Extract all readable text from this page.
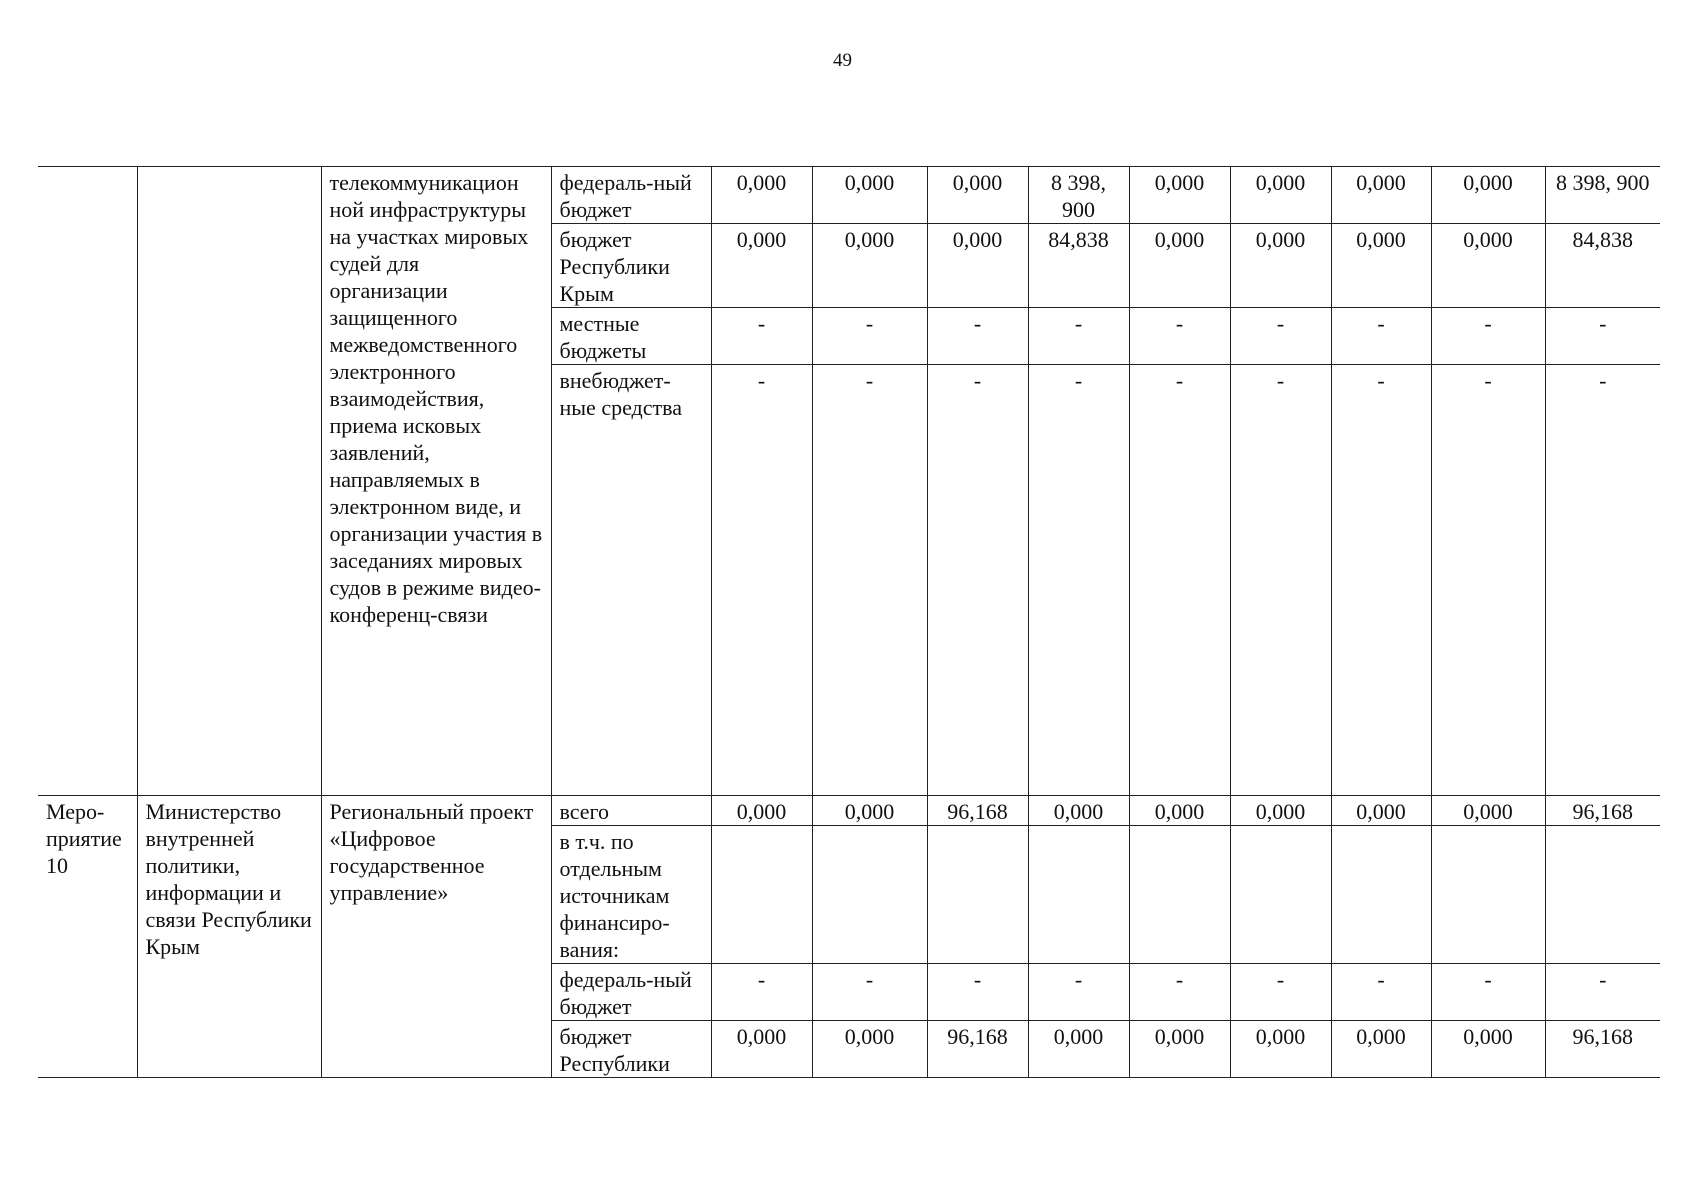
49
		телекоммуникацион ной инфраструктуры на участках мировых судей для организации защищенного межведомственного электронного взаимодействия, приема исковых заявлений, направляемых в электронном виде, и организации участия в заседаниях мировых судов в режиме видео-конференц-связи	федераль-ный бюджет	0,000	0,000	0,000	8 398, 900	0,000	0,000	0,000	0,000	8 398, 900
			бюджет Республики Крым	0,000	0,000	0,000	84,838	0,000	0,000	0,000	0,000	84,838
			местные бюджеты	-	-	-	-	-	-	-	-	-
			внебюджет-ные средства	-	-	-	-	-	-	-	-	-
Меро-приятие 10	Министерство внутренней политики, информации и связи Республики Крым	Региональный проект «Цифровое государственное управление»	всего	0,000	0,000	96,168	0,000	0,000	0,000	0,000	0,000	96,168
			в т.ч. по отдельным источникам финансиро-вания:									
			федераль-ный бюджет	-	-	-	-	-	-	-	-	-
			бюджет Республики	0,000	0,000	96,168	0,000	0,000	0,000	0,000	0,000	96,168
